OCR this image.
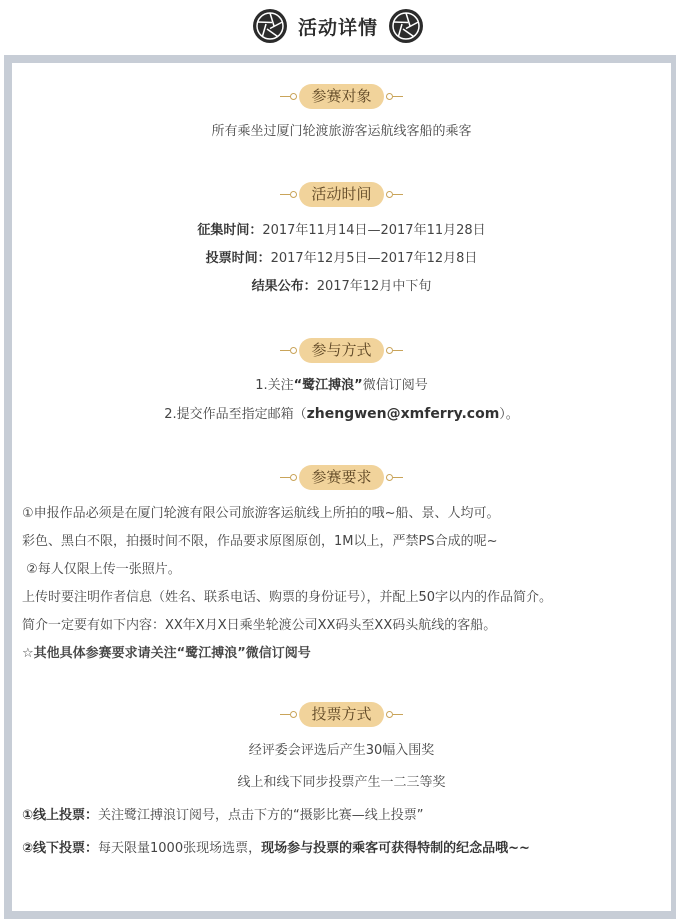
活动详情
参赛对象
所有乘坐过厦门轮渡旅游客运航线客船的乘客
活动时间
征集时间：2017年11月14日—2017年11月28日
投票时间：2017年12月5日—2017年12月8日
结果公布：2017年12月中下旬
参与方式
1.关注“鹭江搏浪”微信订阅号
2.提交作品至指定邮箱（zhengwen@xmferry.com）。
参赛要求
①申报作品必须是在厦门轮渡有限公司旅游客运航线上所拍的哦~船、景、人均可。
彩色、黑白不限，拍摄时间不限，作品要求原图原创，1M以上，严禁PS合成的呢~
②每人仅限上传一张照片。
上传时要注明作者信息（姓名、联系电话、购票的身份证号），并配上50字以内的作品简介。
简介一定要有如下内容：XX年X月X日乘坐轮渡公司XX码头至XX码头航线的客船。
☆其他具体参赛要求请关注“鹭江搏浪”微信订阅号
投票方式
经评委会评选后产生30幅入围奖
线上和线下同步投票产生一二三等奖
①线上投票：关注鹭江搏浪订阅号，点击下方的“摄影比赛—线上投票”
②线下投票：每天限量1000张现场选票，现场参与投票的乘客可获得特制的纪念品哦~~
